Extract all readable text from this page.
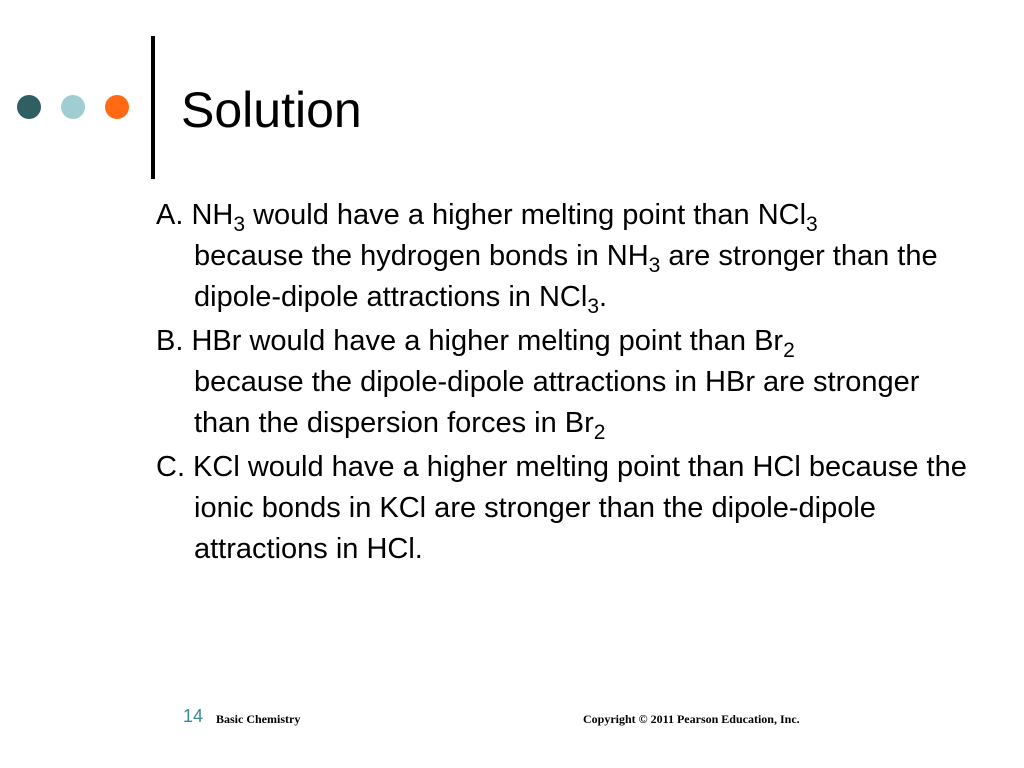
Solution
A. $NH_3$ would have a higher melting point than NCl$_3$
because the hydrogen bonds in $NH_3$ are stronger than the dipole-dipole attractions in NCl$_3$.
B. HBr would have a higher melting point than $Br_2$
because the dipole-dipole attractions in HBr are stronger than the dispersion forces in $Br_2$
C. KCl would have a higher melting point than HCl because the ionic bonds in KCl are stronger than the dipole-dipole attractions in HCl.
14 Basic Chemistry	Copyright © 2011 Pearson Education, Inc.
